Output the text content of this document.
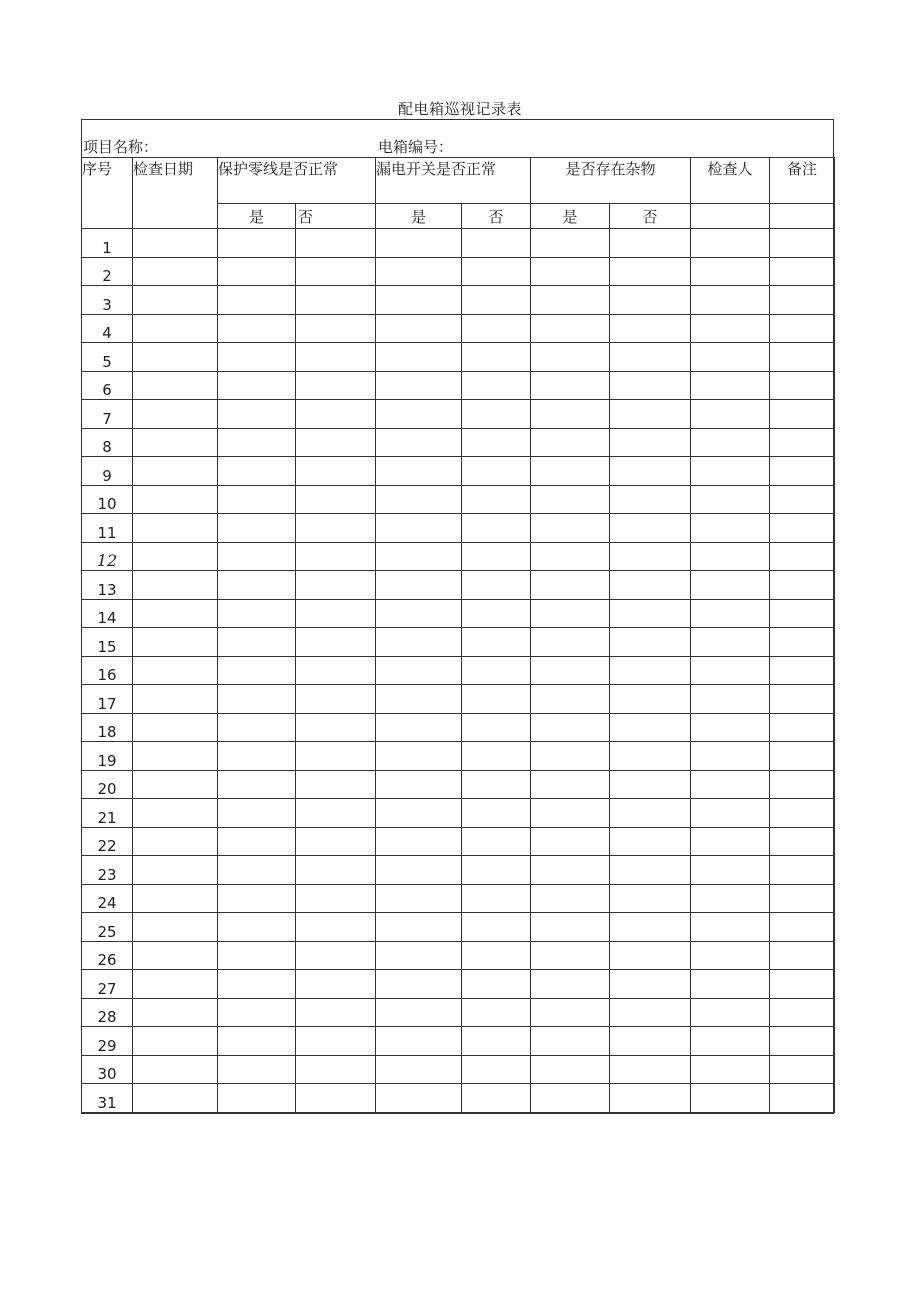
配电箱巡视记录表
项目名称：	电箱编号：
序号	检查日期	保护零线是否正常		漏电开关是否正常		是否存在杂物		检查人	备注
		是	否	是	否	是	否		
1									
2									
3									
4									
5									
6									
7									
8									
9									
10									
11									
12									
13									
14									
15									
16									
17									
18									
19									
20									
21									
22									
23									
24									
25									
26									
27									
28									
29									
30									
31									
